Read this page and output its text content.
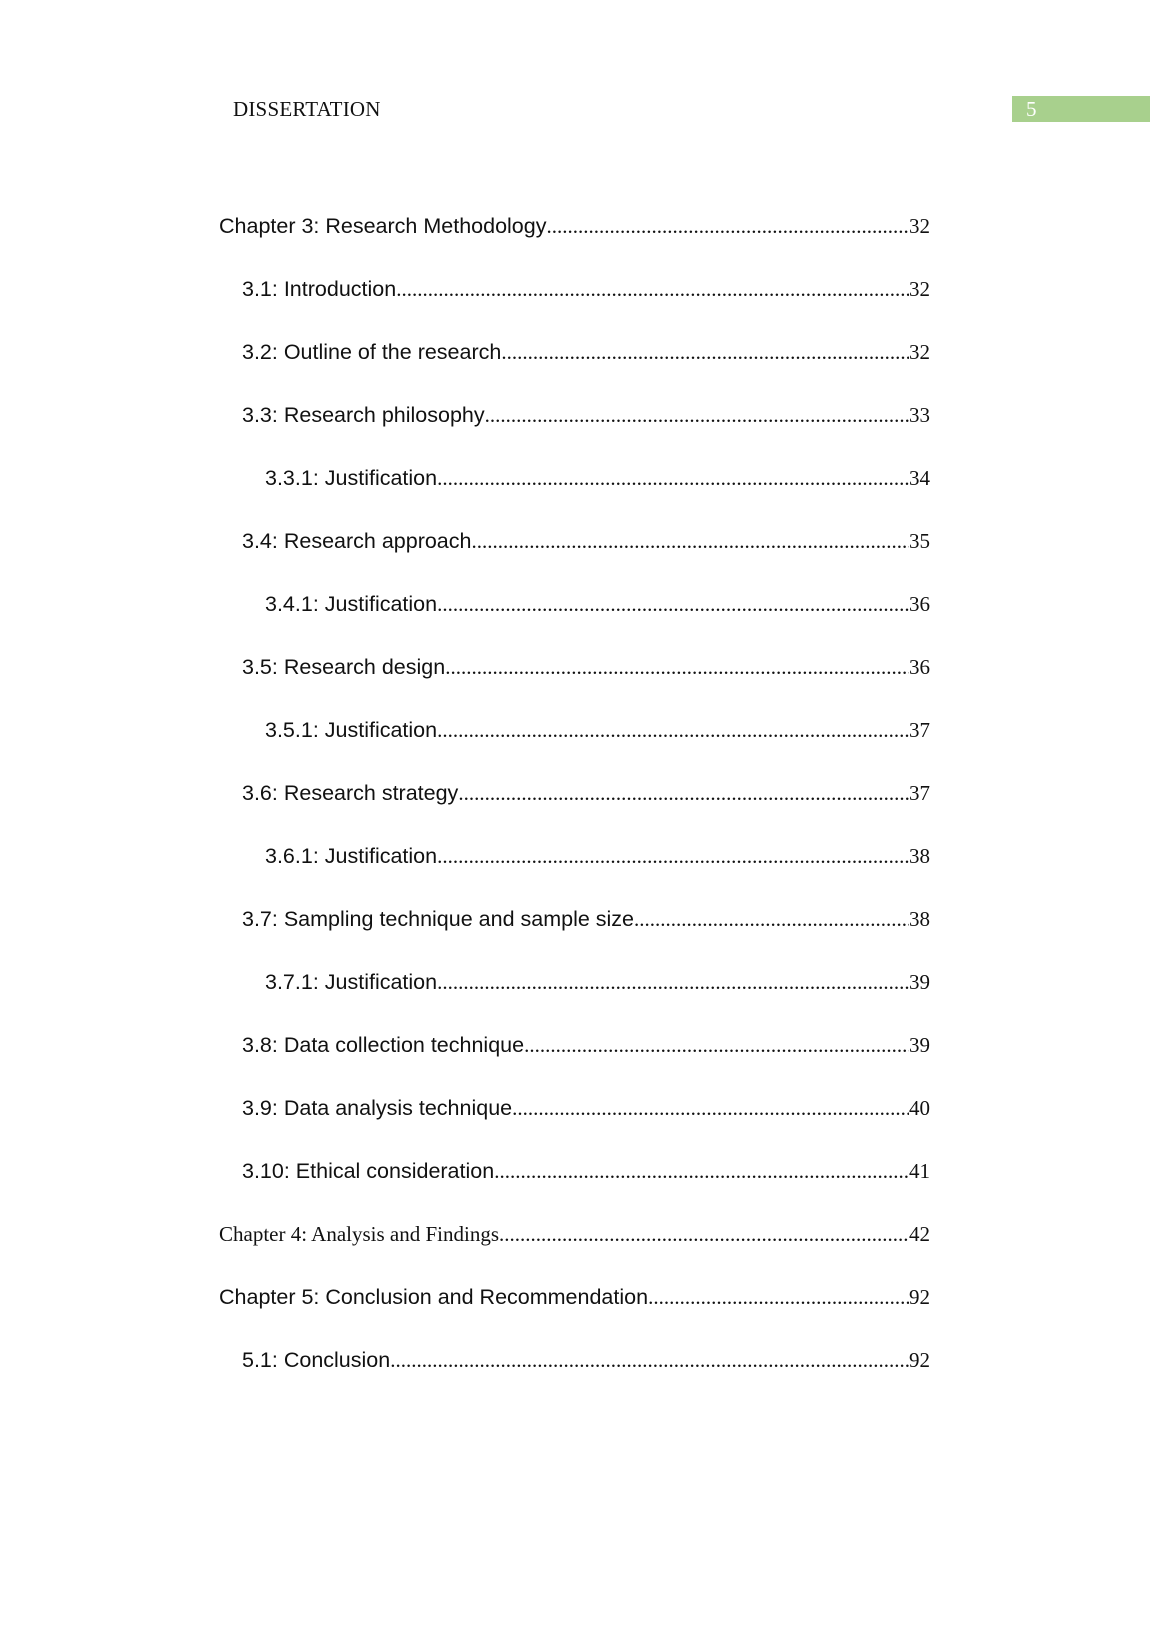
DISSERTATION	5
Chapter 3: Research Methodology .....	32
3.1: Introduction .....	32
3.2: Outline of the research .....	32
3.3: Research philosophy .....	33
3.3.1: Justification .....	34
3.4: Research approach .....	35
3.4.1: Justification .....	36
3.5: Research design .....	36
3.5.1: Justification .....	37
3.6: Research strategy .....	37
3.6.1: Justification .....	38
3.7: Sampling technique and sample size .....	38
3.7.1: Justification .....	39
3.8: Data collection technique .....	39
3.9: Data analysis technique .....	40
3.10: Ethical consideration .....	41
Chapter 4: Analysis and Findings .....	42
Chapter 5: Conclusion and Recommendation .....	92
5.1: Conclusion .....	92
